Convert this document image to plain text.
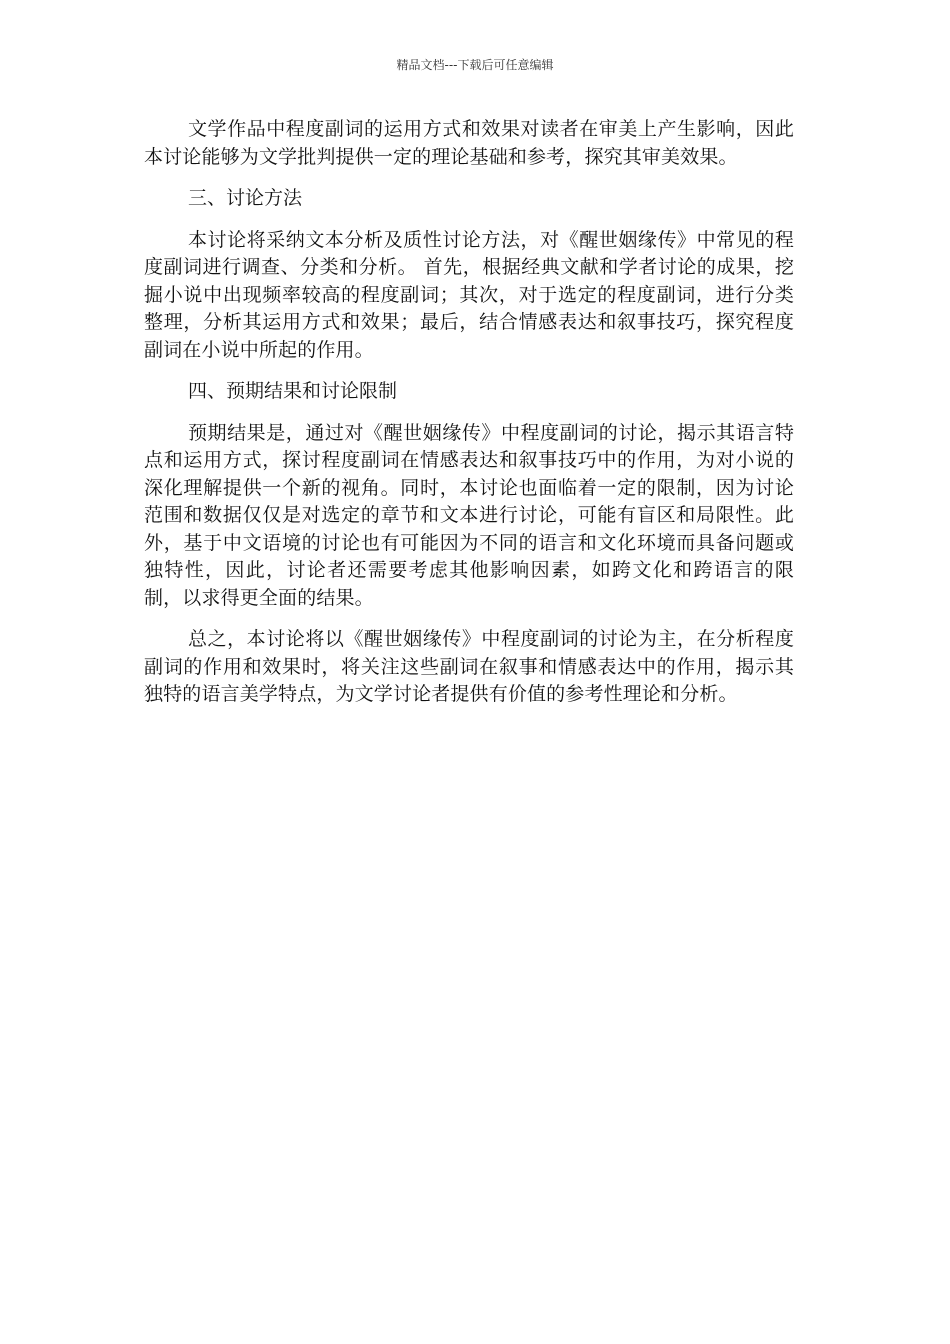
精品文档---下载后可任意编辑

文学作品中程度副词的运用方式和效果对读者在审美上产生影响，因此本讨论能够为文学批判提供一定的理论基础和参考，探究其审美效果。

三、讨论方法

本讨论将采纳文本分析及质性讨论方法，对《醒世姻缘传》中常见的程度副词进行调查、分类和分析。 首先，根据经典文献和学者讨论的成果，挖掘小说中出现频率较高的程度副词；其次，对于选定的程度副词，进行分类整理，分析其运用方式和效果；最后，结合情感表达和叙事技巧，探究程度副词在小说中所起的作用。

四、预期结果和讨论限制

预期结果是，通过对《醒世姻缘传》中程度副词的讨论，揭示其语言特点和运用方式，探讨程度副词在情感表达和叙事技巧中的作用，为对小说的深化理解提供一个新的视角。同时，本讨论也面临着一定的限制，因为讨论范围和数据仅仅是对选定的章节和文本进行讨论，可能有盲区和局限性。此外，基于中文语境的讨论也有可能因为不同的语言和文化环境而具备问题或独特性，因此，讨论者还需要考虑其他影响因素，如跨文化和跨语言的限制，以求得更全面的结果。

总之，本讨论将以《醒世姻缘传》中程度副词的讨论为主，在分析程度副词的作用和效果时，将关注这些副词在叙事和情感表达中的作用，揭示其独特的语言美学特点，为文学讨论者提供有价值的参考性理论和分析。
